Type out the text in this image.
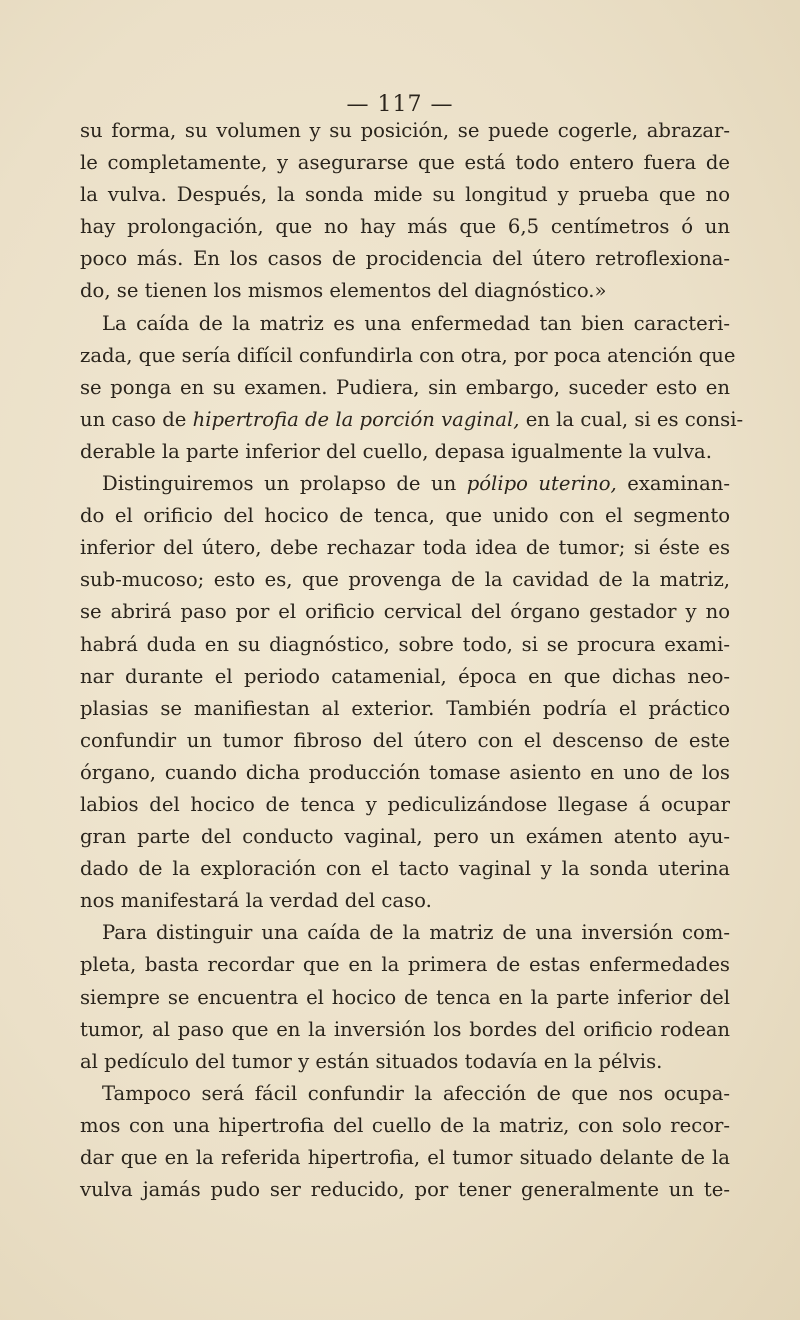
— 117 —
su forma, su volumen y su posición, se puede cogerle, abrazar-
le completamente, y asegurarse que está todo entero fuera de
la vulva. Después, la sonda mide su longitud y prueba que no
hay prolongación, que no hay más que 6,5 centímetros ó un
poco más. En los casos de procidencia del útero retroflexiona-
do, se tienen los mismos elementos del diagnóstico.»
La caída de la matriz es una enfermedad tan bien caracteri-
zada, que sería difícil confundirla con otra, por poca atención que
se ponga en su examen. Pudiera, sin embargo, suceder esto en
un caso de hipertrofia de la porción vaginal, en la cual, si es consi-
derable la parte inferior del cuello, depasa igualmente la vulva.
Distinguiremos un prolapso de un pólipo uterino, examinan-
do el orificio del hocico de tenca, que unido con el segmento
inferior del útero, debe rechazar toda idea de tumor; si éste es
sub-mucoso; esto es, que provenga de la cavidad de la matriz,
se abrirá paso por el orificio cervical del órgano gestador y no
habrá duda en su diagnóstico, sobre todo, si se procura exami-
nar durante el periodo catamenial, época en que dichas neo-
plasias se manifiestan al exterior. También podría el práctico
confundir un tumor fibroso del útero con el descenso de este
órgano, cuando dicha producción tomase asiento en uno de los
labios del hocico de tenca y pediculizándose llegase á ocupar
gran parte del conducto vaginal, pero un exámen atento ayu-
dado de la exploración con el tacto vaginal y la sonda uterina
nos manifestará la verdad del caso.
Para distinguir una caída de la matriz de una inversión com-
pleta, basta recordar que en la primera de estas enfermedades
siempre se encuentra el hocico de tenca en la parte inferior del
tumor, al paso que en la inversión los bordes del orificio rodean
al pedículo del tumor y están situados todavía en la pélvis.
Tampoco será fácil confundir la afección de que nos ocupa-
mos con una hipertrofia del cuello de la matriz, con solo recor-
dar que en la referida hipertrofia, el tumor situado delante de la
vulva jamás pudo ser reducido, por tener generalmente un te-
